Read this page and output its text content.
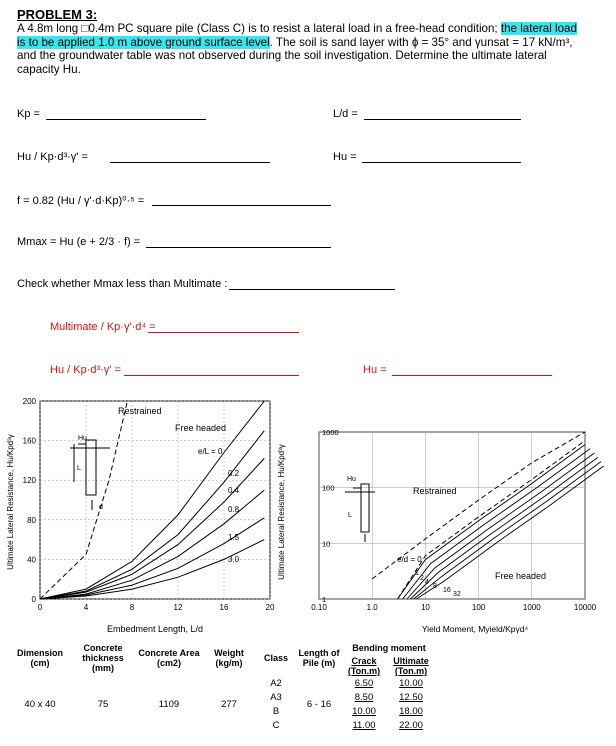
PROBLEM 3:
A 4.8m long □0.4m PC square pile (Class C) is to resist a lateral load in a free-head condition; the lateral load is to be applied 1.0 m above ground surface level. The soil is sand layer with ϕ = 35° and γunsat = 17 kN/m³, and the groundwater table was not observed during the soil investigation. Determine the ultimate lateral capacity Hu.
Kp =	L/d =
Hu / Kp·d³·γ' =	Hu =
f = 0.82 (Hu / γ'·d·Kp)⁰·⁵ =
Mmax = Hu (e + 2/3 · f) =
Check whether Mmax less than Multimate :
Multimate / Kp·γ'·d⁴ =
Hu / Kp·d³·γ' =	Hu =
0	4	8	12	16	20
0
40
80
120
160
200
Hu
L
d
Restrained
Free headed
e/L = 0
0.2
0.4
0.8
1.5
3.0
Embedment Length, L/d
Ultimate Lateral Resistance, Hu/Kpd³γ
0.10	1.0	10	100	1000	10000
1
10
100
1000
Hu
L
Restrained
Free headed
e/d = 0
1
2
4
8
16
32
Yield Moment, Myield/Kpγd⁴
Ultimate Lateral Resistance, Hu/Kpd³γ
Dimension (cm)	Concrete thickness (mm)	Concrete Area (cm2)	Weight (kg/m)	Class	Length of Pile (m)	Bending moment	
						Crack (Ton.m)	Ultimate (Ton.m)
40 x 40	75	1109	277	A2	6 - 16	6.50	10.00
				A3		8.50	12.50
				B		10.00	18.00
				C		11.00	22.00
